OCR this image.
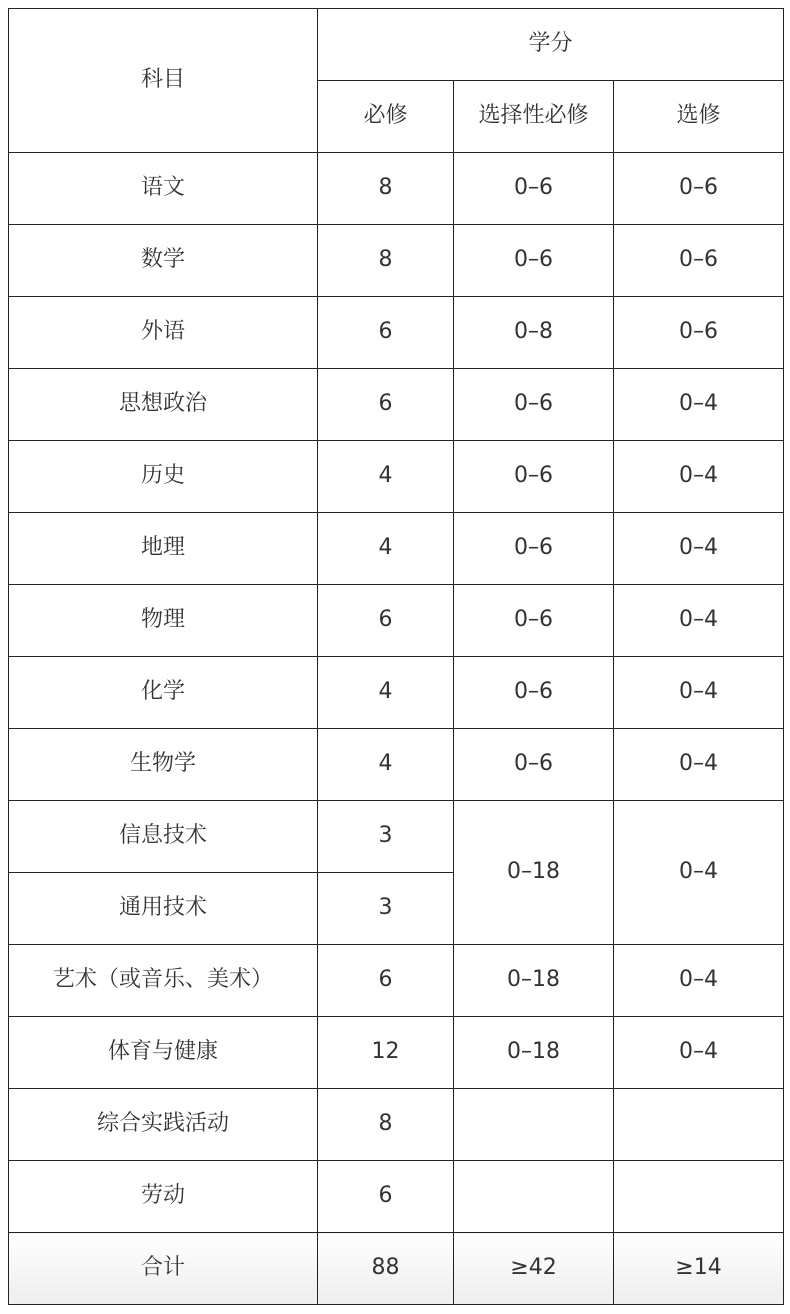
科目	学分		
	必修	选择性必修	选修
语文	8	0–6	0–6
数学	8	0–6	0–6
外语	6	0–8	0–6
思想政治	6	0–6	0–4
历史	4	0–6	0–4
地理	4	0–6	0–4
物理	6	0–6	0–4
化学	4	0–6	0–4
生物学	4	0–6	0–4
信息技术	3	0–18	0–4
通用技术	3		
艺术（或音乐、美术）	6	0–18	0–4
体育与健康	12	0–18	0–4
综合实践活动	8		
劳动	6		
合计	88	≥42	≥14
